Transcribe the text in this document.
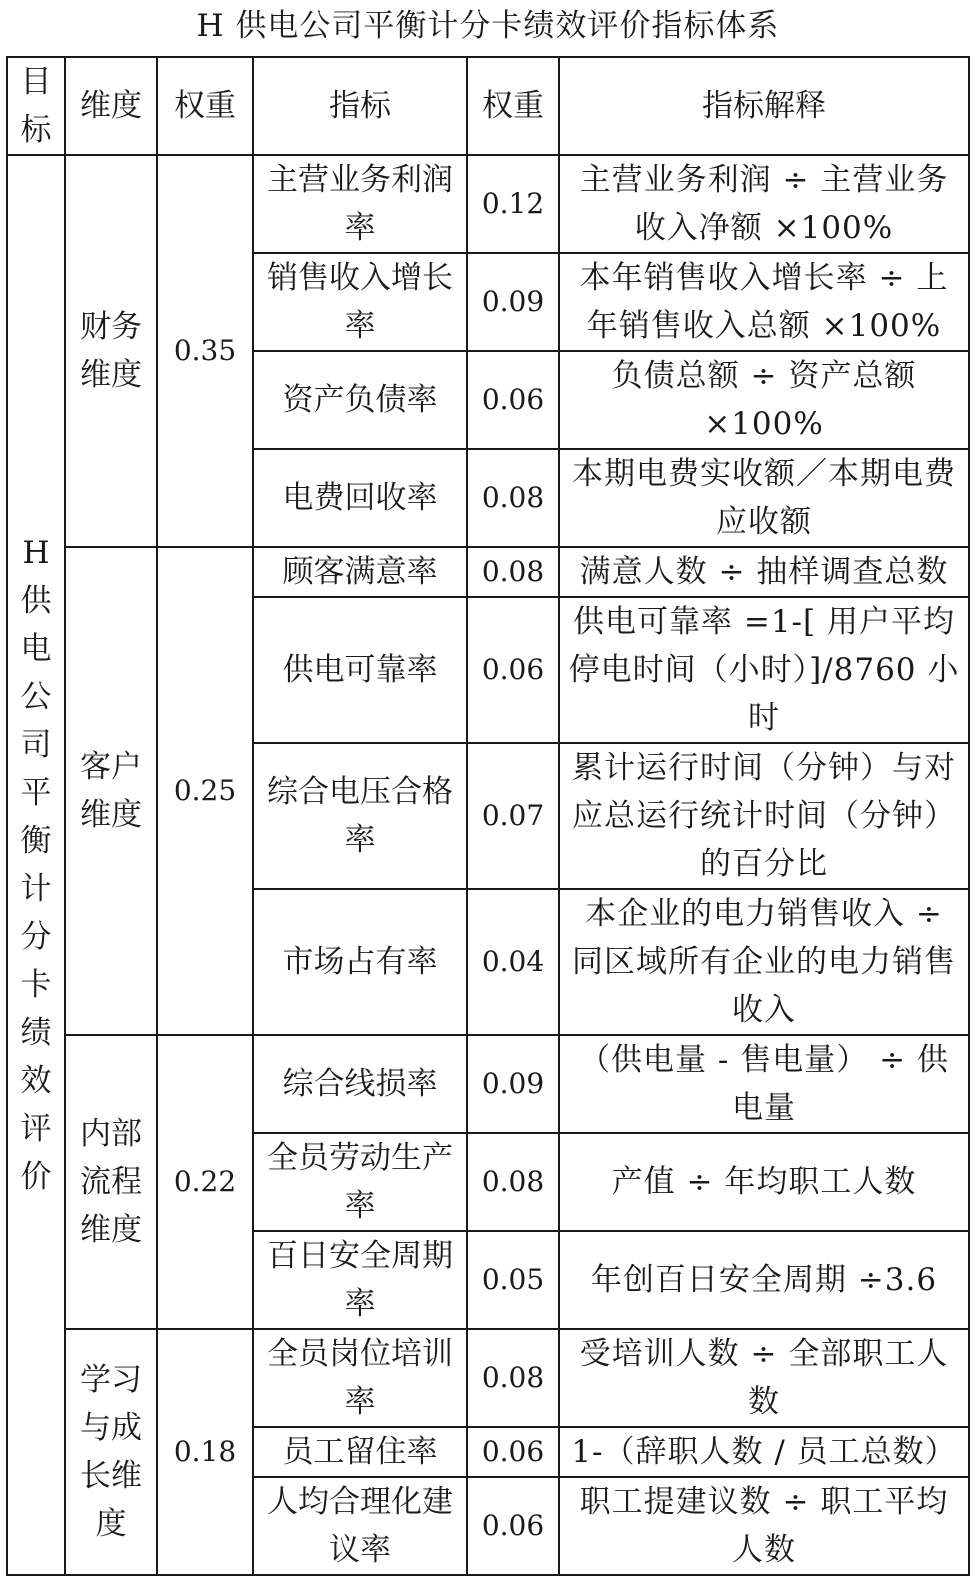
H 供电公司平衡计分卡绩效评价指标体系
目标	维度	权重	指标	权重	指标解释

H 供电公司平衡计分卡绩效评价	财务维度	0.35	主营业务利润率	0.12	主营业务利润 ÷ 主营业务收入净额 ×100%

			销售收入增长率	0.09	本年销售收入增长率 ÷ 上年销售收入总额 ×100%

			资产负债率	0.06	负债总额 ÷ 资产总额 ×100%

			电费回收率	0.08	本期电费实收额／本期电费应收额

	客户维度	0.25	顾客满意率	0.08	满意人数 ÷ 抽样调查总数

			供电可靠率	0.06	供电可靠率 =1-[ 用户平均停电时间（小时）]/8760 小时

			综合电压合格率	0.07	累计运行时间（分钟）与对应总运行统计时间（分钟）的百分比

			市场占有率	0.04	本企业的电力销售收入 ÷ 同区域所有企业的电力销售收入

	内部流程维度	0.22	综合线损率	0.09	（供电量 - 售电量） ÷ 供电量

			全员劳动生产率	0.08	产值 ÷ 年均职工人数

			百日安全周期率	0.05	年创百日安全周期 ÷3.6

	学习与成长维度	0.18	全员岗位培训率	0.08	受培训人数 ÷ 全部职工人数

			员工留住率	0.06	1-（辞职人数 / 员工总数）

			人均合理化建议率	0.06	职工提建议数 ÷ 职工平均人数
